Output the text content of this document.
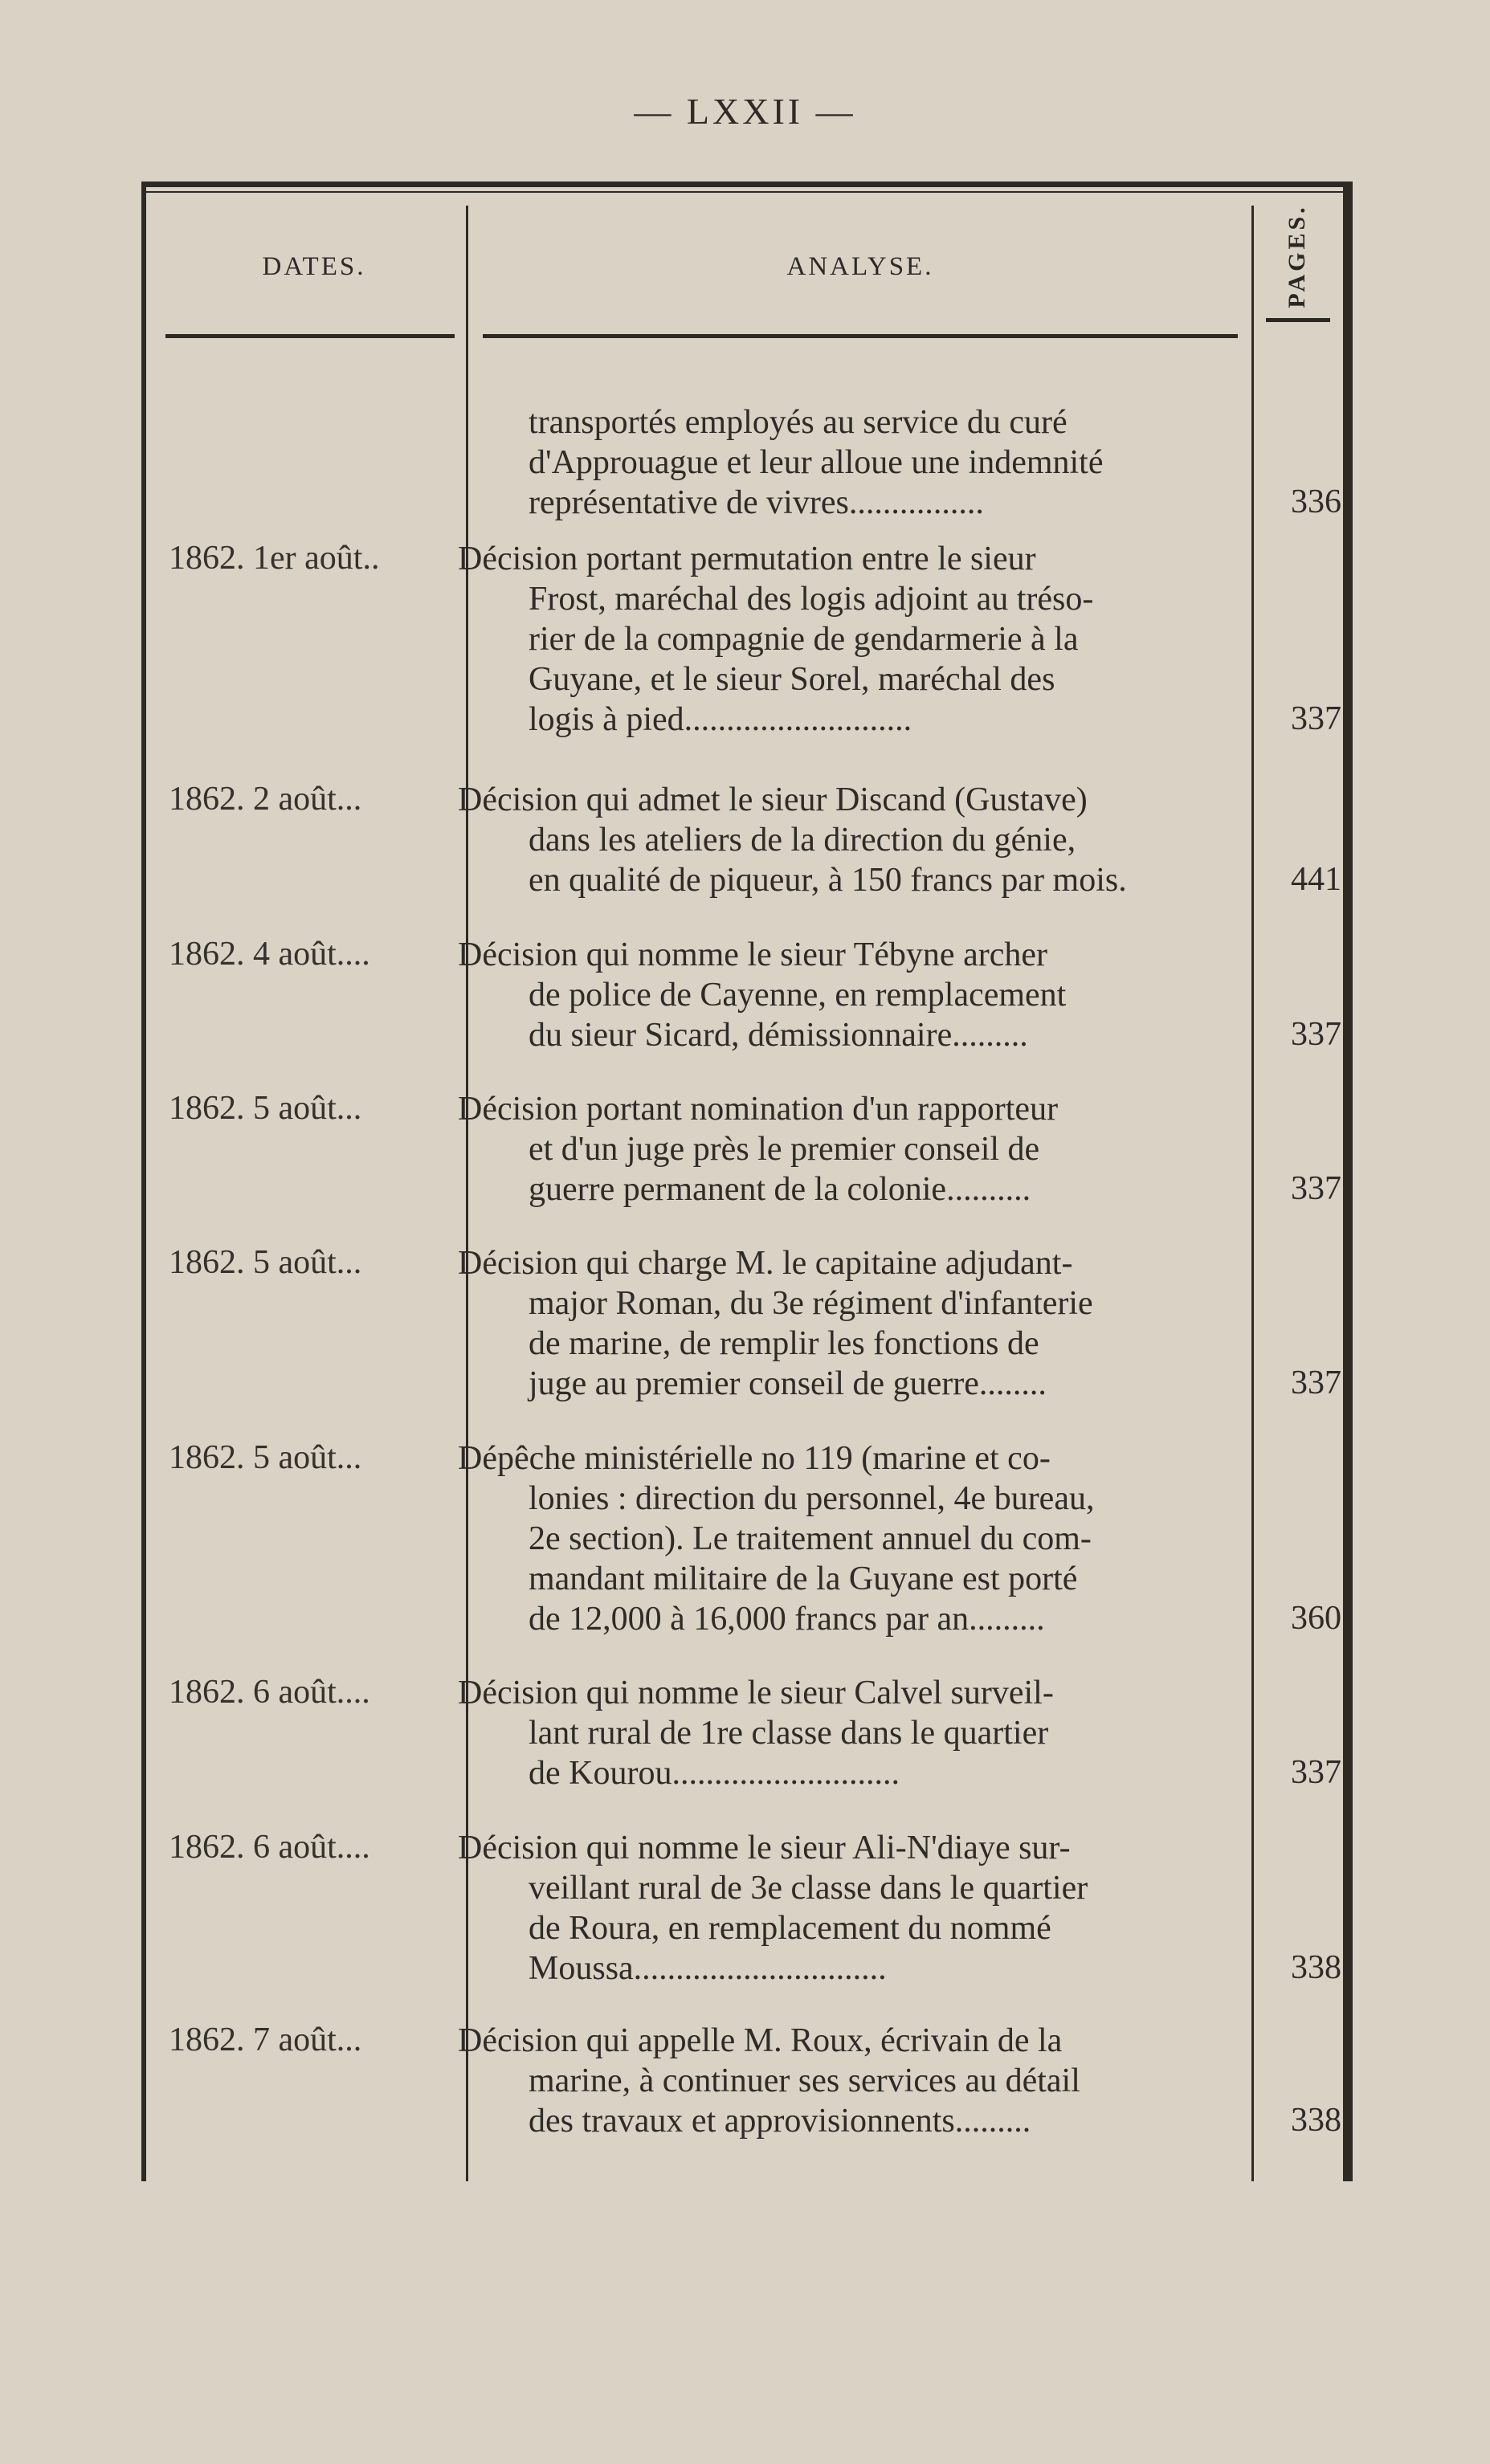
— LXXII —
DATES.	ANALYSE.	PAGES.
transportés employés au service du curé
d'Approuague et leur alloue une indemnité
représentative de vivres................	336
1862. 1er août.. Décision portant permutation entre le sieur
Frost, maréchal des logis adjoint au tréso-
rier de la compagnie de gendarmerie à la
Guyane, et le sieur Sorel, maréchal des
logis à pied...........................	337
1862. 2 août...	Décision qui admet le sieur Discand (Gustave)
dans les ateliers de la direction du génie,
en qualité de piqueur, à 150 francs par mois.	441
1862. 4 août....	Décision qui nomme le sieur Tébyne archer
de police de Cayenne, en remplacement
du sieur Sicard, démissionnaire.........	337
1862. 5 août...	Décision portant nomination d'un rapporteur
et d'un juge près le premier conseil de
guerre permanent de la colonie..........	337
1862. 5 août...	Décision qui charge M. le capitaine adjudant-
major Roman, du 3e régiment d'infanterie
de marine, de remplir les fonctions de
juge au premier conseil de guerre........	337
1862. 5 août...	Dépêche ministérielle no 119 (marine et co-
lonies : direction du personnel, 4e bureau,
2e section). Le traitement annuel du com-
mandant militaire de la Guyane est porté
de 12,000 à 16,000 francs par an.........	360
1862. 6 août....	Décision qui nomme le sieur Calvel surveil-
lant rural de 1re classe dans le quartier
de Kourou...........................	337
1862. 6 août....	Décision qui nomme le sieur Ali-N'diaye sur-
veillant rural de 3e classe dans le quartier
de Roura, en remplacement du nommé
Moussa..............................	338
1862. 7 août...	Décision qui appelle M. Roux, écrivain de la
marine, à continuer ses services au détail
des travaux et approvisionnents.........	338
